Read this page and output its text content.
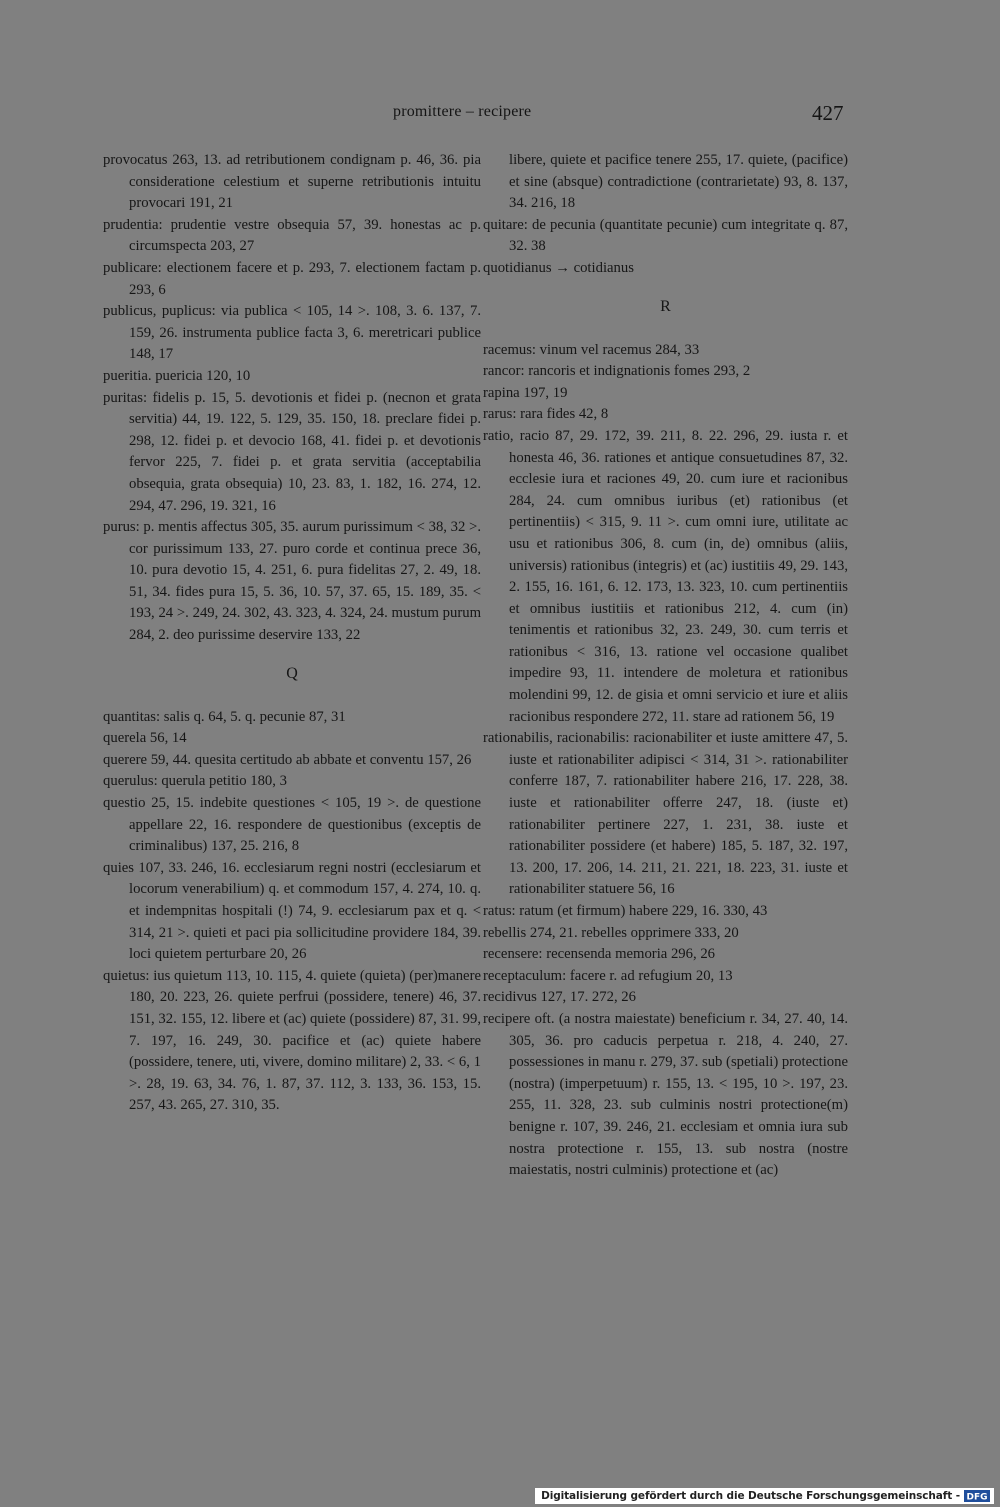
promittere – recipere	427

provocatus 263, 13. ad retributionem condignam p. 46, 36. pia consideratione celestium et superne retributionis intuitu provocari 191, 21

prudentia: prudentie vestre obsequia 57, 39. honestas ac p. circumspecta 203, 27

publicare: electionem facere et p. 293, 7. electionem factam p. 293, 6

publicus, puplicus: via publica < 105, 14 >. 108, 3. 6. 137, 7. 159, 26. instrumenta publice facta 3, 6. meretricari publice 148, 17

pueritia. puericia 120, 10

puritas: fidelis p. 15, 5. devotionis et fidei p. (necnon et grata servitia) 44, 19. 122, 5. 129, 35. 150, 18. preclare fidei p. 298, 12. fidei p. et devocio 168, 41. fidei p. et devotionis fervor 225, 7. fidei p. et grata servitia (acceptabilia obsequia, grata obsequia) 10, 23. 83, 1. 182, 16. 274, 12. 294, 47. 296, 19. 321, 16

purus: p. mentis affectus 305, 35. aurum purissimum < 38, 32 >. cor purissimum 133, 27. puro corde et continua prece 36, 10. pura devotio 15, 4. 251, 6. pura fidelitas 27, 2. 49, 18. 51, 34. fides pura 15, 5. 36, 10. 57, 37. 65, 15. 189, 35. < 193, 24 >. 249, 24. 302, 43. 323, 4. 324, 24. mustum purum 284, 2. deo purissime deservire 133, 22

Q

quantitas: salis q. 64, 5. q. pecunie 87, 31

querela 56, 14

querere 59, 44. quesita certitudo ab abbate et conventu 157, 26

querulus: querula petitio 180, 3

questio 25, 15. indebite questiones < 105, 19 >. de questione appellare 22, 16. respondere de questionibus (exceptis de criminalibus) 137, 25. 216, 8

quies 107, 33. 246, 16. ecclesiarum regni nostri (ecclesiarum et locorum venerabilium) q. et commodum 157, 4. 274, 10. q. et indempnitas hospitali (!) 74, 9. ecclesiarum pax et q. < 314, 21 >. quieti et paci pia sollicitudine providere 184, 39. loci quietem perturbare 20, 26

quietus: ius quietum 113, 10. 115, 4. quiete (quieta) (per)manere 180, 20. 223, 26. quiete perfrui (possidere, tenere) 46, 37. 151, 32. 155, 12. libere et (ac) quiete (possidere) 87, 31. 99, 7. 197, 16. 249, 30. pacifice et (ac) quiete habere (possidere, tenere, uti, vivere, domino militare) 2, 33. < 6, 1 >. 28, 19. 63, 34. 76, 1. 87, 37. 112, 3. 133, 36. 153, 15. 257, 43. 265, 27. 310, 35.

libere, quiete et pacifice tenere 255, 17. quiete, (pacifice) et sine (absque) contradictione (contrarietate) 93, 8. 137, 34. 216, 18

quitare: de pecunia (quantitate pecunie) cum integritate q. 87, 32. 38

quotidianus → cotidianus

R

racemus: vinum vel racemus 284, 33

rancor: rancoris et indignationis fomes 293, 2

rapina 197, 19

rarus: rara fides 42, 8

ratio, racio 87, 29. 172, 39. 211, 8. 22. 296, 29. iusta r. et honesta 46, 36. rationes et antique consuetudines 87, 32. ecclesie iura et raciones 49, 20. cum iure et racionibus 284, 24. cum omnibus iuribus (et) rationibus (et pertinentiis) < 315, 9. 11 >. cum omni iure, utilitate ac usu et rationibus 306, 8. cum (in, de) omnibus (aliis, universis) rationibus (integris) et (ac) iustitiis 49, 29. 143, 2. 155, 16. 161, 6. 12. 173, 13. 323, 10. cum pertinentiis et omnibus iustitiis et rationibus 212, 4. cum (in) tenimentis et rationibus 32, 23. 249, 30. cum terris et rationibus < 316, 13. ratione vel occasione qualibet impedire 93, 11. intendere de moletura et rationibus molendini 99, 12. de gisia et omni servicio et iure et aliis racionibus respondere 272, 11. stare ad rationem 56, 19

rationabilis, racionabilis: racionabiliter et iuste amittere 47, 5. iuste et rationabiliter adipisci < 314, 31 >. rationabiliter conferre 187, 7. rationabiliter habere 216, 17. 228, 38. iuste et rationabiliter offerre 247, 18. (iuste et) rationabiliter pertinere 227, 1. 231, 38. iuste et rationabiliter possidere (et habere) 185, 5. 187, 32. 197, 13. 200, 17. 206, 14. 211, 21. 221, 18. 223, 31. iuste et rationabiliter statuere 56, 16

ratus: ratum (et firmum) habere 229, 16. 330, 43

rebellis 274, 21. rebelles opprimere 333, 20

recensere: recensenda memoria 296, 26

receptaculum: facere r. ad refugium 20, 13

recidivus 127, 17. 272, 26

recipere oft. (a nostra maiestate) beneficium r. 34, 27. 40, 14. 305, 36. pro caducis perpetua r. 218, 4. 240, 27. possessiones in manu r. 279, 37. sub (spetiali) protectione (nostra) (imperpetuum) r. 155, 13. < 195, 10 >. 197, 23. 255, 11. 328, 23. sub culminis nostri protectione(m) benigne r. 107, 39. 246, 21. ecclesiam et omnia iura sub nostra protectione r. 155, 13. sub nostra (nostre maiestatis, nostri culminis) protectione et (ac)

Digitalisierung gefördert durch die Deutsche Forschungsgemeinschaft - DFG
